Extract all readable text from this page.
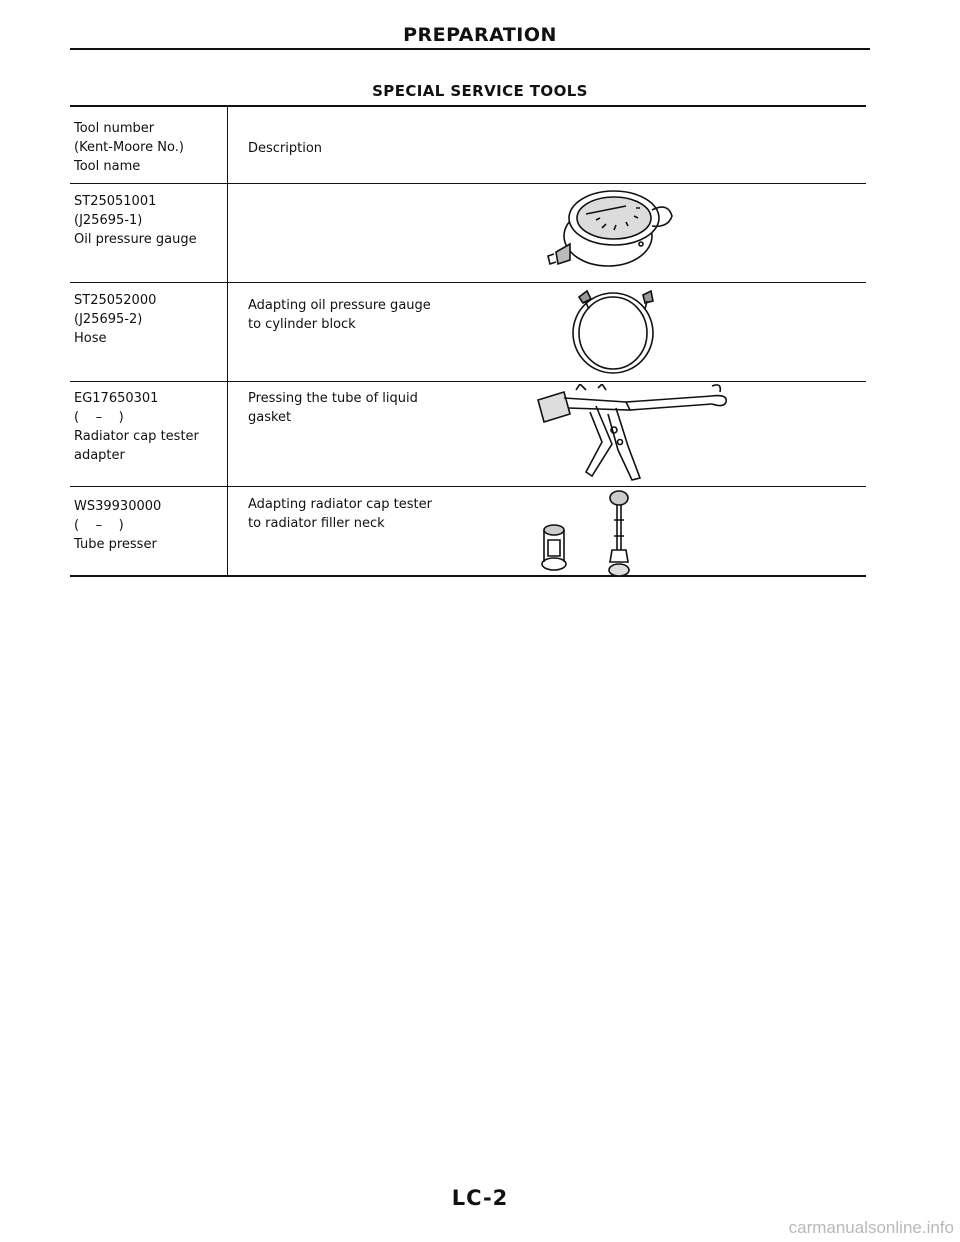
PREPARATION
SPECIAL SERVICE TOOLS
Tool number
(Kent-Moore No.)
Tool name
Description
ST25051001
(J25695-1)
Oil pressure gauge
ST25052000
(J25695-2)
Hose
Adapting oil pressure gauge
to cylinder block
EG17650301
(    –    )
Radiator cap tester
adapter
Pressing the tube of liquid
gasket
WS39930000
(    –    )
Tube presser
Adapting radiator cap tester
to radiator filler neck
LC-2
carmanualsonline.info
